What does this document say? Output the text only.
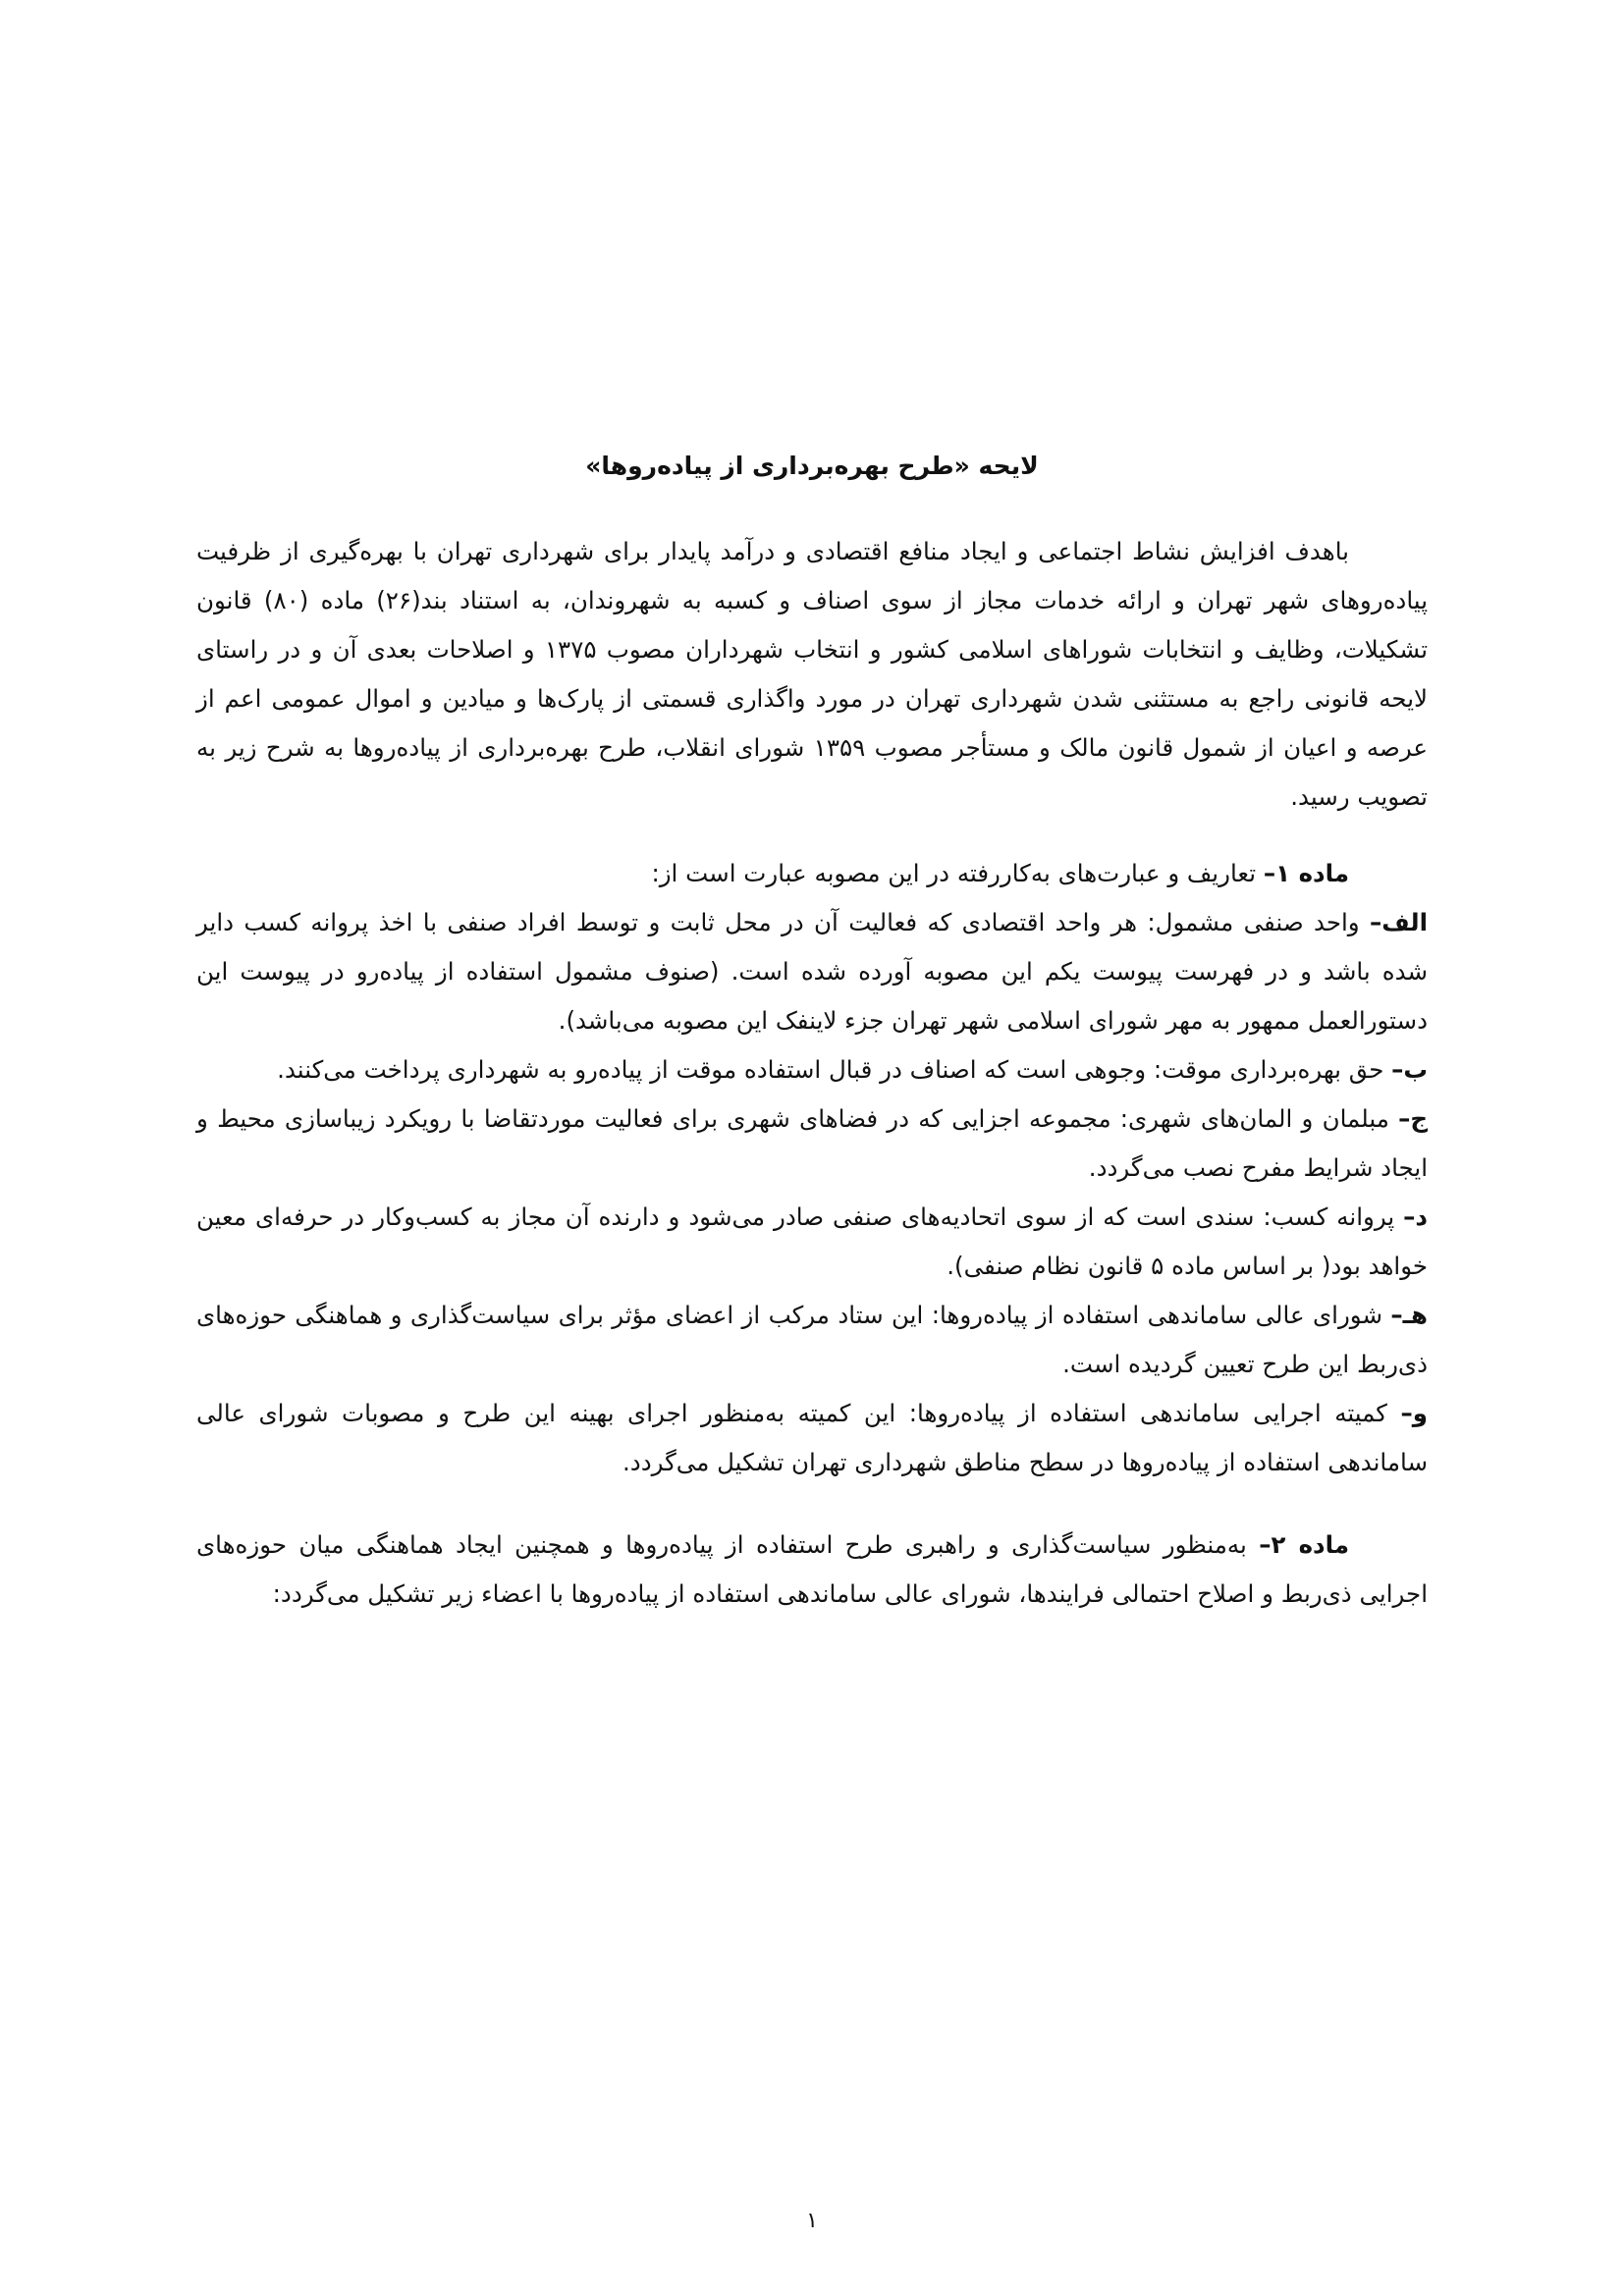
لایحه «طرح بهره‌برداری از پیاده‌روها»

باهدف افزایش نشاط اجتماعی و ایجاد منافع اقتصادی و درآمد پایدار برای شهرداری تهران با بهره‌گیری از ظرفیت پیاده‌روهای شهر تهران و ارائه خدمات مجاز از سوی اصناف و کسبه به شهروندان، به استناد بند(۲۶) ماده (۸۰) قانون تشکیلات، وظایف و انتخابات شوراهای اسلامی کشور و انتخاب شهرداران مصوب ۱۳۷۵ و اصلاحات بعدی آن و در راستای لایحه قانونی راجع به مستثنی شدن شهرداری تهران در مورد واگذاری قسمتی از پارک‌ها و میادین و اموال عمومی اعم از عرصه و اعیان از شمول قانون مالک و مستأجر مصوب ۱۳۵۹ شورای انقلاب، طرح بهره‌برداری از پیاده‌روها به شرح زیر به تصویب رسید.

ماده ۱– تعاریف و عبارت‌های به‌کاررفته در این مصوبه عبارت است از:

الف– واحد صنفی مشمول: هر واحد اقتصادی که فعالیت آن در محل ثابت و توسط افراد صنفی با اخذ پروانه کسب دایر شده باشد و در فهرست پیوست یکم این مصوبه آورده شده است. (صنوف مشمول استفاده از پیاده‌رو در پیوست این دستورالعمل ممهور به مهر شورای اسلامی شهر تهران جزء لاینفک این مصوبه می‌باشد).

ب– حق بهره‌برداری موقت: وجوهی است که اصناف در قبال استفاده موقت از پیاده‌رو به شهرداری پرداخت می‌کنند.

ج– مبلمان و المان‌های شهری: مجموعه اجزایی که در فضاهای شهری برای فعالیت موردتقاضا با رویکرد زیباسازی محیط و ایجاد شرایط مفرح نصب می‌گردد.

د– پروانه کسب: سندی است که از سوی اتحادیه‌های صنفی صادر می‌شود و دارنده آن مجاز به کسب‌وکار در حرفه‌ای معین خواهد بود( بر اساس ماده ۵ قانون نظام صنفی).

هـ– شورای عالی ساماندهی استفاده از پیاده‌روها: این ستاد مرکب از اعضای مؤثر برای سیاست‌گذاری و هماهنگی حوزه‌های ذی‌ربط این طرح تعیین گردیده است.

و– کمیته اجرایی ساماندهی استفاده از پیاده‌روها: این کمیته به‌منظور اجرای بهینه این طرح و مصوبات شورای عالی ساماندهی استفاده از پیاده‌روها در سطح مناطق شهرداری تهران تشکیل می‌گردد.

ماده ۲– به‌منظور سیاست‌گذاری و راهبری طرح استفاده از پیاده‌روها و همچنین ایجاد هماهنگی میان حوزه‌های اجرایی ذی‌ربط و اصلاح احتمالی فرایندها، شورای عالی ساماندهی استفاده از پیاده‌روها با اعضاء زیر تشکیل می‌گردد:

۱
